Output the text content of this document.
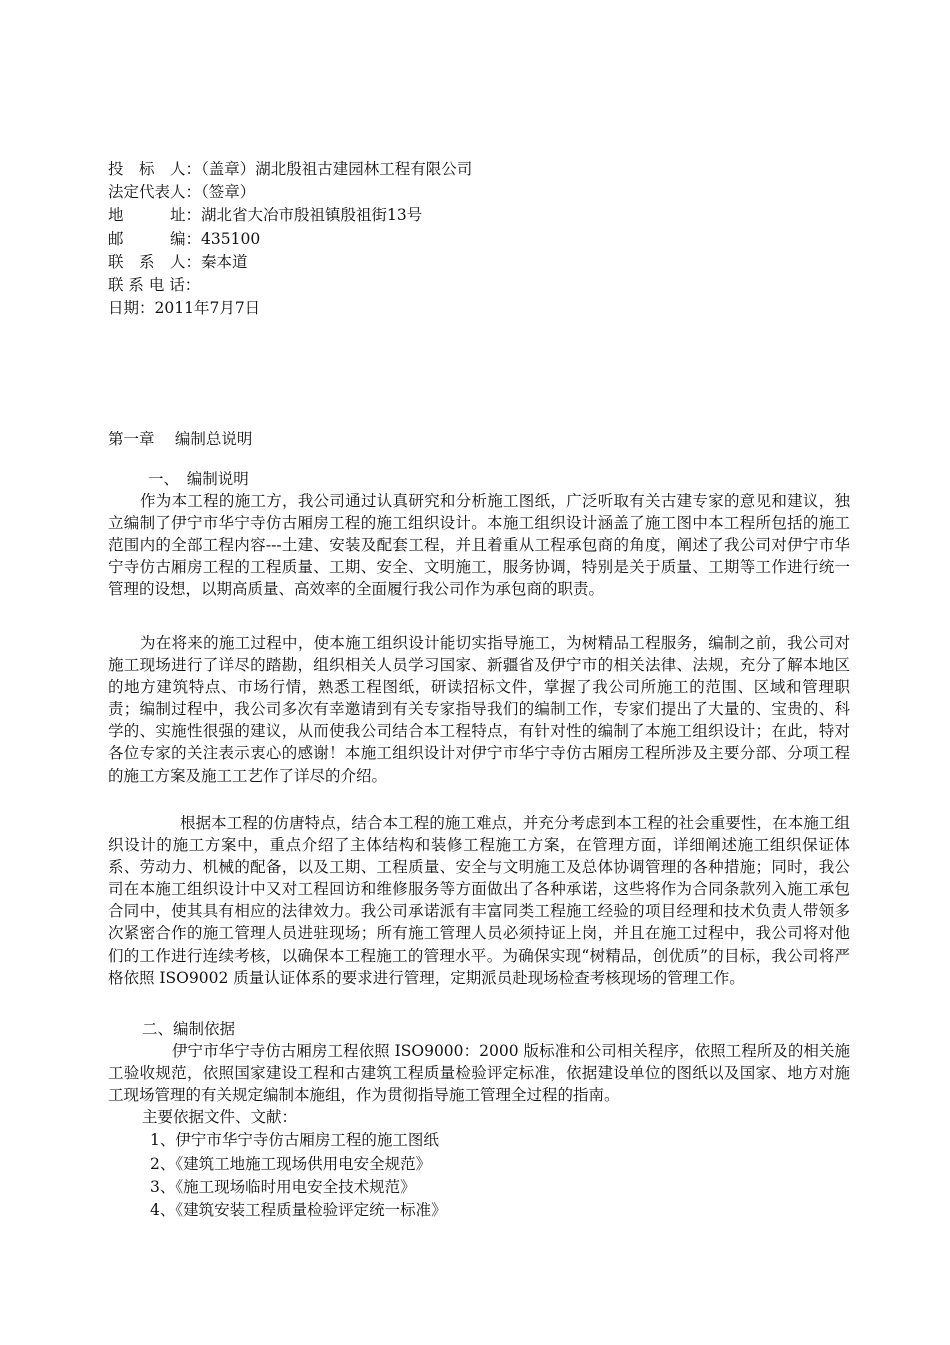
投　标　人：（盖章）湖北殷祖古建园林工程有限公司
法定代表人：（签章）
地　　　址：湖北省大冶市殷祖镇殷祖街13号
邮　　　编：435100
联　系　人：秦本道
联 系 电 话：
日期：2011年7月7日
第一章　 编制总说明
一、　编制说明
作为本工程的施工方，我公司通过认真研究和分析施工图纸，广泛听取有关古建专家的意见和建议，独立编制了伊宁市华宁寺仿古厢房工程的施工组织设计。本施工组织设计涵盖了施工图中本工程所包括的施工范围内的全部工程内容---土建、安装及配套工程，并且着重从工程承包商的角度，阐述了我公司对伊宁市华宁寺仿古厢房工程的工程质量、工期、安全、文明施工，服务协调，特别是关于质量、工期等工作进行统一管理的设想，以期高质量、高效率的全面履行我公司作为承包商的职责。
为在将来的施工过程中，使本施工组织设计能切实指导施工，为树精品工程服务，编制之前，我公司对施工现场进行了详尽的踏勘，组织相关人员学习国家、新疆省及伊宁市的相关法律、法规，充分了解本地区的地方建筑特点、市场行情，熟悉工程图纸，研读招标文件，掌握了我公司所施工的范围、区域和管理职责；编制过程中，我公司多次有幸邀请到有关专家指导我们的编制工作，专家们提出了大量的、宝贵的、科学的、实施性很强的建议，从而使我公司结合本工程特点，有针对性的编制了本施工组织设计；在此，特对各位专家的关注表示衷心的感谢！本施工组织设计对伊宁市华宁寺仿古厢房工程所涉及主要分部、分项工程的施工方案及施工工艺作了详尽的介绍。
根据本工程的仿唐特点，结合本工程的施工难点，并充分考虑到本工程的社会重要性，在本施工组织设计的施工方案中，重点介绍了主体结构和装修工程施工方案，在管理方面，详细阐述施工组织保证体系、劳动力、机械的配备，以及工期、工程质量、安全与文明施工及总体协调管理的各种措施；同时，我公司在本施工组织设计中又对工程回访和维修服务等方面做出了各种承诺，这些将作为合同条款列入施工承包合同中，使其具有相应的法律效力。我公司承诺派有丰富同类工程施工经验的项目经理和技术负责人带领多次紧密合作的施工管理人员进驻现场；所有施工管理人员必须持证上岗，并且在施工过程中，我公司将对他们的工作进行连续考核，以确保本工程施工的管理水平。为确保实现“树精品，创优质”的目标，我公司将严格依照 ISO9002 质量认证体系的要求进行管理，定期派员赴现场检查考核现场的管理工作。
二、编制依据
伊宁市华宁寺仿古厢房工程依照 ISO9000：2000 版标准和公司相关程序，依照工程所及的相关施工验收规范，依照国家建设工程和古建筑工程质量检验评定标准，依据建设单位的图纸以及国家、地方对施工现场管理的有关规定编制本施组，作为贯彻指导施工管理全过程的指南。
主要依据文件、文献：
1、伊宁市华宁寺仿古厢房工程的施工图纸
2、《建筑工地施工现场供用电安全规范》
3、《施工现场临时用电安全技术规范》
4、《建筑安装工程质量检验评定统一标准》
